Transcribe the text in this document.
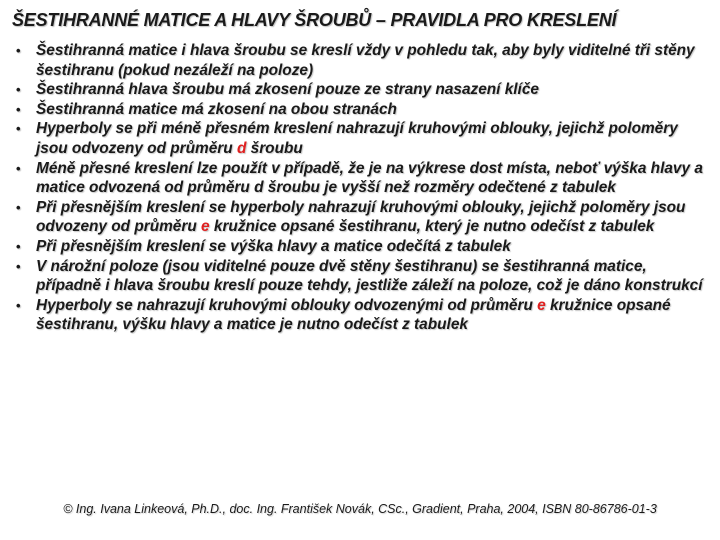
ŠESTIHRANNÉ MATICE A HLAVY ŠROUBŮ – PRAVIDLA PRO KRESLENÍ
• Šestihranná matice i hlava šroubu se kreslí vždy v pohledu tak, aby byly viditelné tři stěny šestihranu (pokud nezáleží na poloze)
• Šestihranná hlava šroubu má zkosení pouze ze strany nasazení klíče
• Šestihranná matice má zkosení na obou stranách
• Hyperboly se při méně přesném kreslení nahrazují kruhovými oblouky, jejichž poloměry jsou odvozeny od průměru d šroubu
• Méně přesné kreslení lze použít v případě, že je na výkrese dost místa, neboť výška hlavy a matice odvozená od průměru d šroubu je vyšší než rozměry odečtené z tabulek
• Při přesnějším kreslení se hyperboly nahrazují kruhovými oblouky, jejichž poloměry jsou odvozeny od průměru e kružnice opsané šestihranu, který je nutno odečíst z tabulek
• Při přesnějším kreslení se výška hlavy a matice odečítá z tabulek
• V nárožní poloze (jsou viditelné pouze dvě stěny šestihranu) se šestihranná matice, případně i hlava šroubu kreslí pouze tehdy, jestliže záleží na poloze, což je dáno konstrukcí
• Hyperboly se nahrazují kruhovými oblouky odvozenými od průměru e kružnice opsané šestihranu, výšku hlavy a matice je nutno odečíst z tabulek
© Ing. Ivana Linkeová, Ph.D., doc. Ing. František Novák, CSc., Gradient, Praha, 2004, ISBN 80-86786-01-3
